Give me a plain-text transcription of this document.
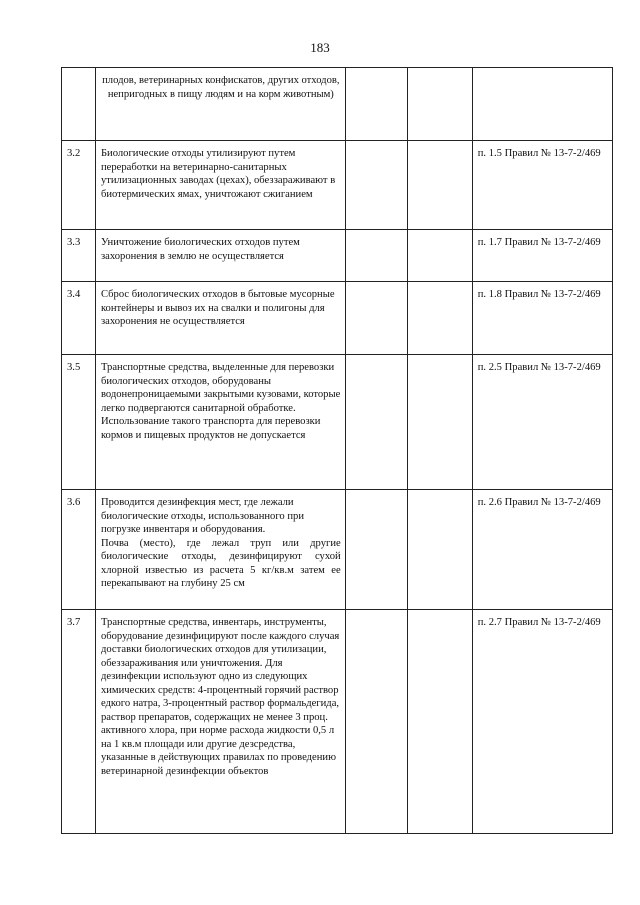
183

	плодов, ветеринарных конфискатов, других отходов, непригодных в пищу людям и на корм животным)			

3.2	Биологические отходы утилизируют путем переработки на ветеринарно-санитарных утилизационных заводах (цехах), обеззараживают в биотермических ямах, уничтожают сжиганием			п. 1.5 Правил № 13-7-2/469
3.3	Уничтожение биологических отходов путем захоронения в землю не осуществляется			п. 1.7 Правил № 13-7-2/469
3.4	Сброс биологических отходов в бытовые мусорные контейнеры и вывоз их на свалки и полигоны для захоронения не осуществляется			п. 1.8 Правил № 13-7-2/469
3.5	Транспортные средства, выделенные для перевозки биологических отходов, оборудованы водонепроницаемыми закрытыми кузовами, которые легко подвергаются санитарной обработке. Использование такого транспорта для перевозки кормов и пищевых продуктов не допускается			п. 2.5 Правил № 13-7-2/469
3.6	Проводится дезинфекция мест, где лежали биологические отходы, использованного при погрузке инвентаря и оборудования.
Почва (место), где лежал труп или другие биологические отходы, дезинфицируют сухой хлорной известью из расчета 5 кг/кв.м затем ее перекапывают на глубину 25 см			п. 2.6 Правил № 13-7-2/469
3.7	Транспортные средства, инвентарь, инструменты, оборудование дезинфицируют после каждого случая доставки биологических отходов для утилизации, обеззараживания или уничтожения. Для дезинфекции используют одно из следующих химических средств: 4-процентный горячий раствор едкого натра, 3-процентный раствор формальдегида, раствор препаратов, содержащих не менее 3 проц. активного хлора, при норме расхода жидкости 0,5 л на 1 кв.м площади или другие дезсредства, указанные в действующих правилах по проведению ветеринарной дезинфекции объектов			п. 2.7 Правил № 13-7-2/469
